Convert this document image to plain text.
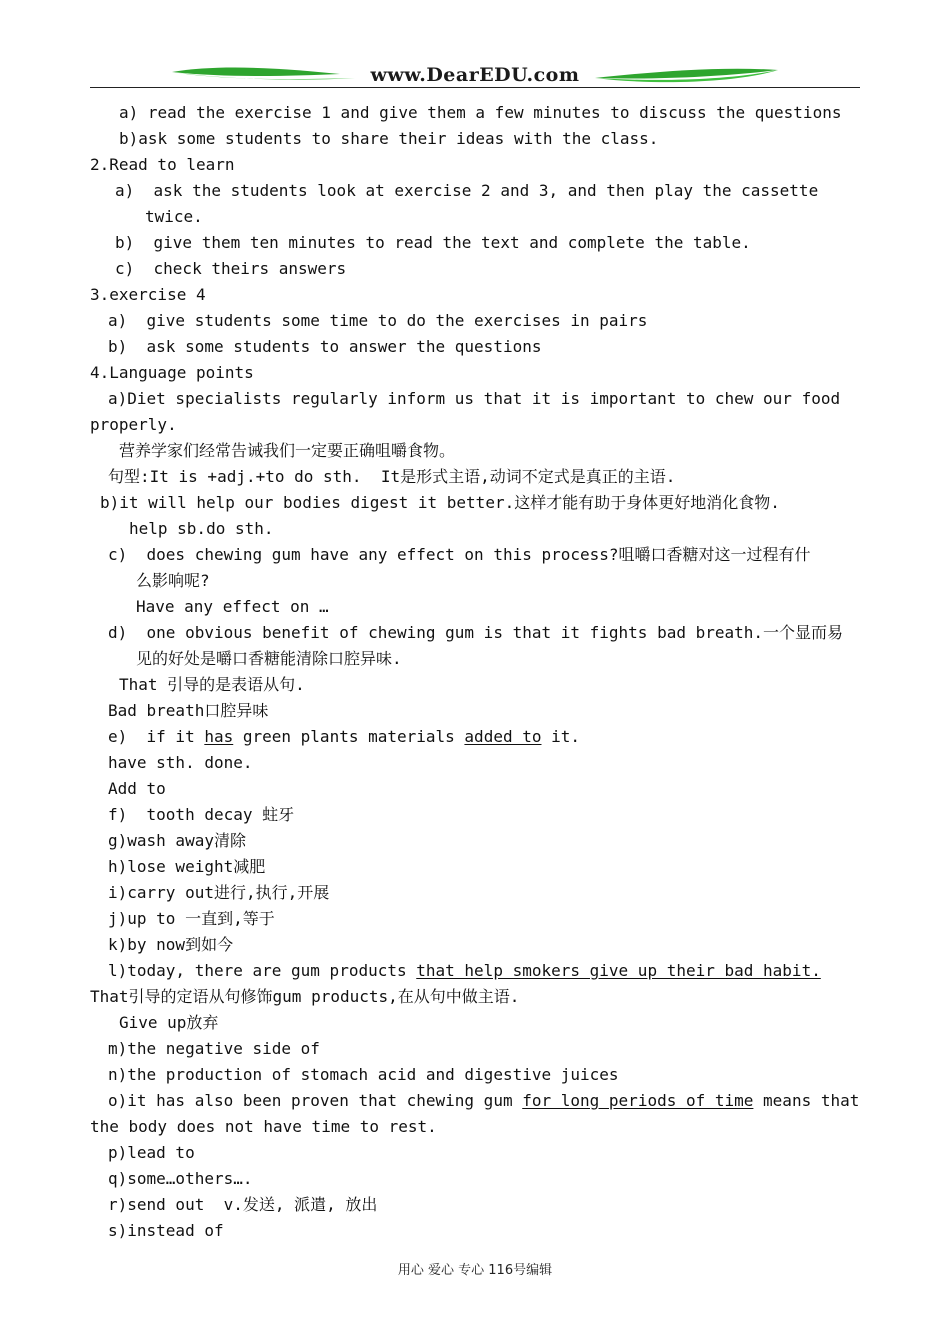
www.DearEDU.com
a) read the exercise 1 and give them a few minutes to discuss the questions
b)ask some students to share their ideas with the class.
2.Read to learn
a)  ask the students look at exercise 2 and 3, and then play the cassette
twice.
b)  give them ten minutes to read the text and complete the table.
c)  check theirs answers
3.exercise 4
a)  give students some time to do the exercises in pairs
b)  ask some students to answer the questions
4.Language points
a)Diet specialists regularly inform us that it is important to chew our food
properly.
营养学家们经常告诫我们一定要正确咀嚼食物。
句型:It is +adj.+to do sth.  It是形式主语,动词不定式是真正的主语.
b)it will help our bodies digest it better.这样才能有助于身体更好地消化食物.
help sb.do sth.
c)  does chewing gum have any effect on this process?咀嚼口香糖对这一过程有什
么影响呢?
Have any effect on …
d)  one obvious benefit of chewing gum is that it fights bad breath.一个显而易
见的好处是嚼口香糖能清除口腔异味.
That 引导的是表语从句.
Bad breath口腔异味
e)  if it has green plants materials added to it.
have sth. done.
Add to
f)  tooth decay 蛀牙
g)wash away清除
h)lose weight减肥
i)carry out进行,执行,开展
j)up to 一直到,等于
k)by now到如今
l)today, there are gum products that help smokers give up their bad habit.
That引导的定语从句修饰gum products,在从句中做主语.
Give up放弃
m)the negative side of
n)the production of stomach acid and digestive juices
o)it has also been proven that chewing gum for long periods of time means that
the body does not have time to rest.
p)lead to
q)some…others….
r)send out  v.发送, 派遣, 放出
s)instead of
用心 爱心 专心 116号编辑
